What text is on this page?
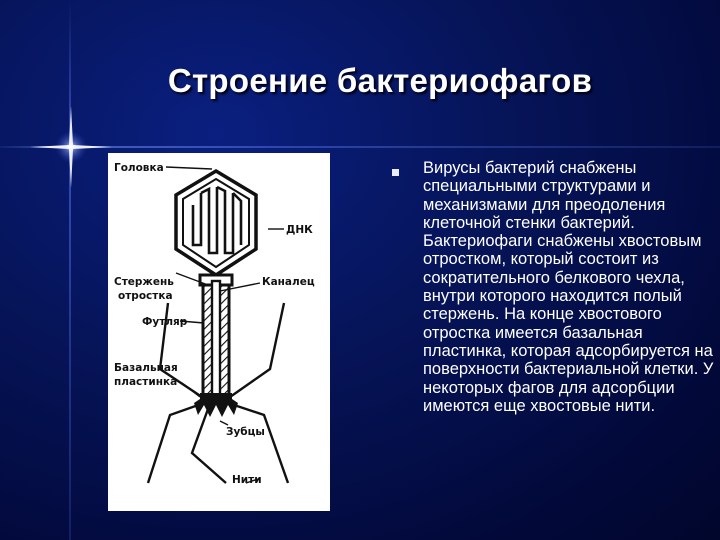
Строение бактериофагов
Головка
ДНК
Стержень
отростка
Каналец
Футляр
Базальная
пластинка
Зубцы
Нити

Вирусы бактерий снабжены специальными структурами и механизмами для преодоления клеточной стенки бактерий. Бактериофаги снабжены хвостовым отростком, который состоит из сократительного белкового чехла, внутри которого находится полый стержень. На конце хвостового отростка имеется базальная пластинка, которая адсорбируется на поверхности бактериальной клетки. У некоторых фагов для адсорбции имеются еще хвостовые нити.
